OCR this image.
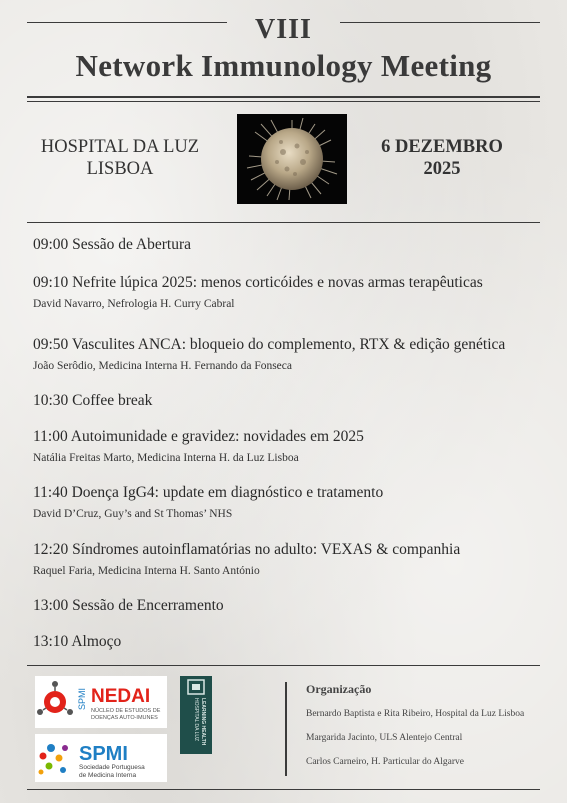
VIII
Network Immunology Meeting
HOSPITAL DA LUZ
LISBOA
6 DEZEMBRO
2025
09:00 Sessão de Abertura
09:10 Nefrite lúpica 2025: menos corticóides e novas armas terapêuticas
David Navarro, Nefrologia H. Curry Cabral
09:50 Vasculites ANCA: bloqueio do complemento, RTX & edição genética
João Serôdio, Medicina Interna H. Fernando da Fonseca
10:30 Coffee break
11:00 Autoimunidade e gravidez: novidades em 2025
Natália Freitas Marto, Medicina Interna H. da Luz Lisboa
11:40 Doença IgG4: update em diagnóstico e tratamento
David D’Cruz, Guy’s and St Thomas’ NHS
12:20 Síndromes autoinflamatórias no adulto: VEXAS & companhia
Raquel Faria, Medicina Interna H. Santo António
13:00 Sessão de Encerramento
13:10 Almoço
SPMI NEDAI
NÚCLEO DE ESTUDOS DE
DOENÇAS AUTO-IMUNES
SPMI
Sociedade Portuguesa
de Medicina Interna
HOSPITAL DA LUZ LEARNING HEALTH
Organização
Bernardo Baptista e Rita Ribeiro, Hospital da Luz Lisboa
Margarida Jacinto, ULS Alentejo Central
Carlos Carneiro, H. Particular do Algarve
